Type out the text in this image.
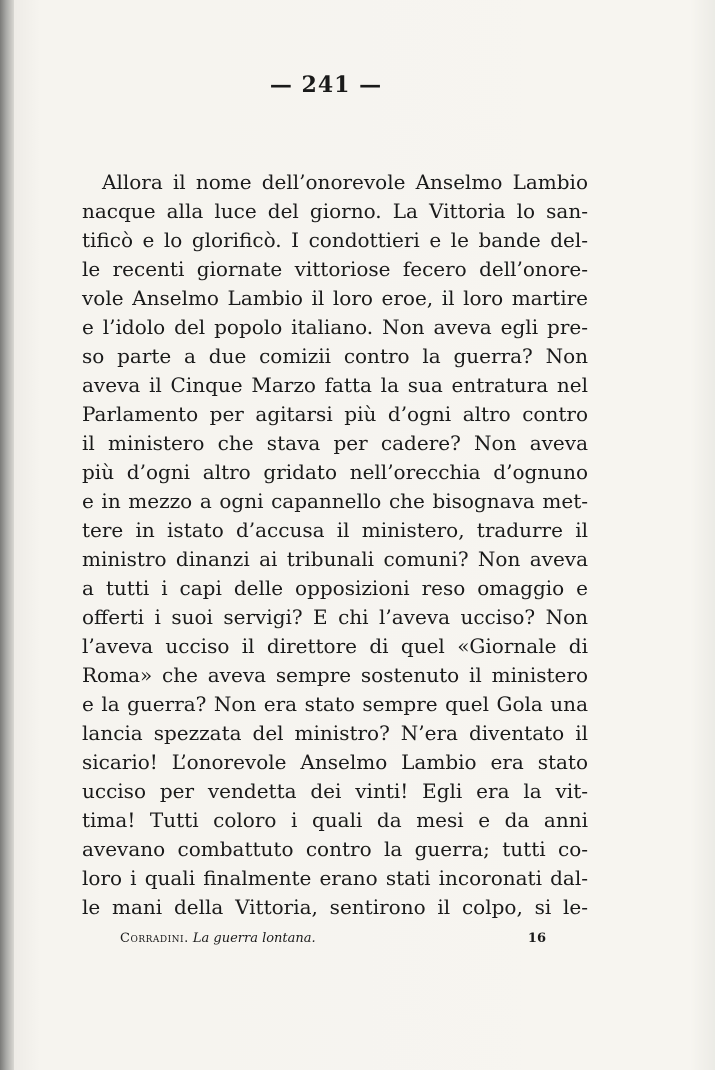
— 241 —
Allora il nome dell’onorevole Anselmo Lambio
nacque alla luce del giorno. La Vittoria lo san-
tificò e lo glorificò. I condottieri e le bande del-
le recenti giornate vittoriose fecero dell’onore-
vole Anselmo Lambio il loro eroe, il loro martire
e l’idolo del popolo italiano. Non aveva egli pre-
so parte a due comizii contro la guerra? Non
aveva il Cinque Marzo fatta la sua entratura nel
Parlamento per agitarsi più d’ogni altro contro
il ministero che stava per cadere? Non aveva
più d’ogni altro gridato nell’orecchia d’ognuno
e in mezzo a ogni capannello che bisognava met-
tere in istato d’accusa il ministero, tradurre il
ministro dinanzi ai tribunali comuni? Non aveva
a tutti i capi delle opposizioni reso omaggio e
offerti i suoi servigi? E chi l’aveva ucciso? Non
l’aveva ucciso il direttore di quel «Giornale di
Roma» che aveva sempre sostenuto il ministero
e la guerra? Non era stato sempre quel Gola una
lancia spezzata del ministro? N’era diventato il
sicario! L’onorevole Anselmo Lambio era stato
ucciso per vendetta dei vinti! Egli era la vit-
tima! Tutti coloro i quali da mesi e da anni
avevano combattuto contro la guerra; tutti co-
loro i quali finalmente erano stati incoronati dal-
le mani della Vittoria, sentirono il colpo, si le-
Corradini. La guerra lontana.	16
